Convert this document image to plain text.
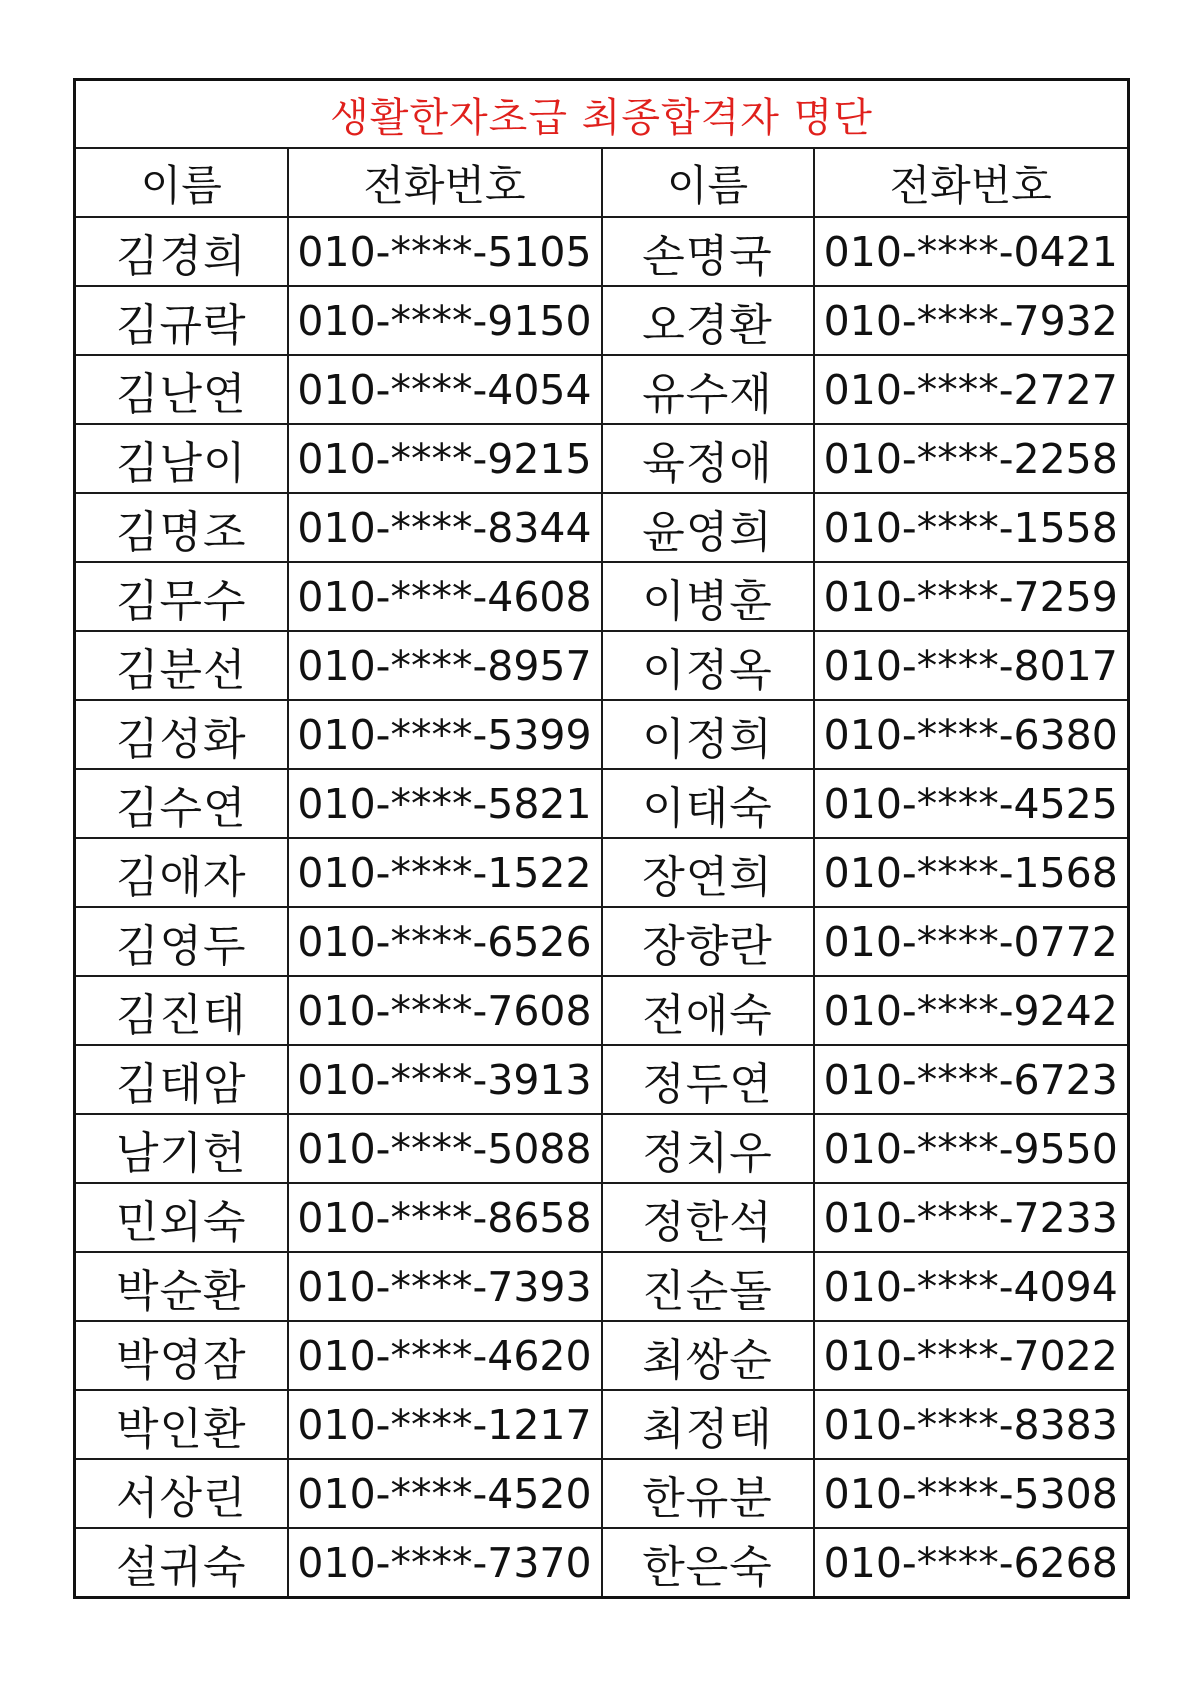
생활한자초급 최종합격자 명단			
이름	전화번호	이름	전화번호
김경희	010-****-5105	손명국	010-****-0421
김규락	010-****-9150	오경환	010-****-7932
김난연	010-****-4054	유수재	010-****-2727
김남이	010-****-9215	육정애	010-****-2258
김명조	010-****-8344	윤영희	010-****-1558
김무수	010-****-4608	이병훈	010-****-7259
김분선	010-****-8957	이정옥	010-****-8017
김성화	010-****-5399	이정희	010-****-6380
김수연	010-****-5821	이태숙	010-****-4525
김애자	010-****-1522	장연희	010-****-1568
김영두	010-****-6526	장향란	010-****-0772
김진태	010-****-7608	전애숙	010-****-9242
김태암	010-****-3913	정두연	010-****-6723
남기헌	010-****-5088	정치우	010-****-9550
민외숙	010-****-8658	정한석	010-****-7233
박순환	010-****-7393	진순돌	010-****-4094
박영잠	010-****-4620	최쌍순	010-****-7022
박인환	010-****-1217	최정태	010-****-8383
서상린	010-****-4520	한유분	010-****-5308
설귀숙	010-****-7370	한은숙	010-****-6268
